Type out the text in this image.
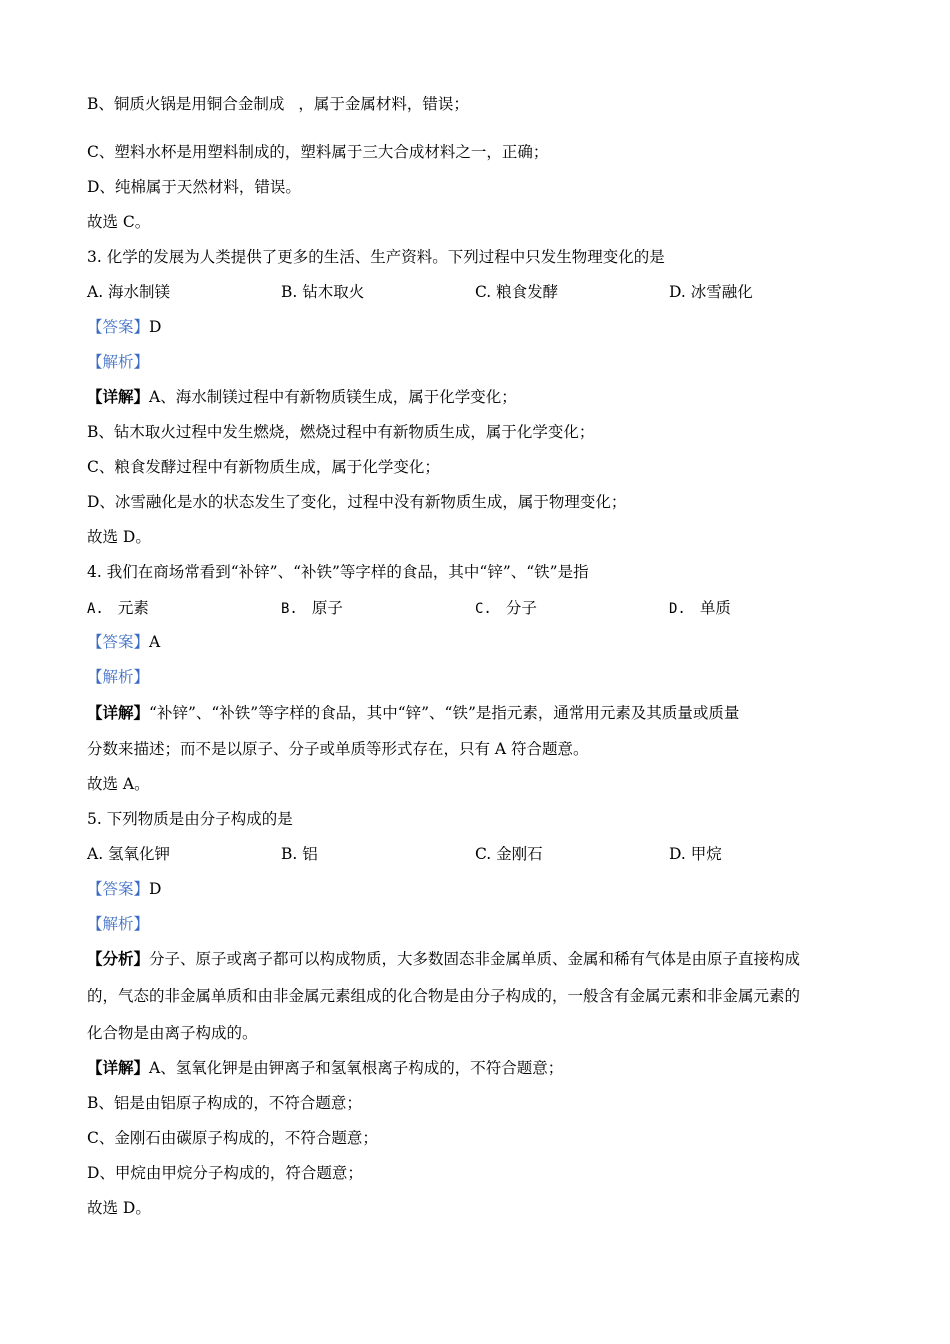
B、铜质火锅是用铜合金制成 ，属于金属材料，错误；
C、塑料水杯是用塑料制成的，塑料属于三大合成材料之一，正确；
D、纯棉属于天然材料，错误。
故选 C。
3. 化学的发展为人类提供了更多的生活、生产资料。下列过程中只发生物理变化的是
A. 海水制镁	B. 钻木取火	C. 粮食发酵	D. 冰雪融化
【答案】D
【解析】
【详解】A、海水制镁过程中有新物质镁生成，属于化学变化；
B、钻木取火过程中发生燃烧，燃烧过程中有新物质生成，属于化学变化；
C、粮食发酵过程中有新物质生成，属于化学变化；
D、冰雪融化是水的状态发生了变化，过程中没有新物质生成，属于物理变化；
故选 D。
4. 我们在商场常看到“补锌”、“补铁”等字样的食品，其中“锌”、“铁”是指
A. 元素	B. 原子	C. 分子	D. 单质
【答案】A
【解析】
【详解】“补锌”、“补铁”等字样的食品，其中“锌”、“铁”是指元素，通常用元素及其质量或质量
分数来描述；而不是以原子、分子或单质等形式存在，只有 A 符合题意。
故选 A。
5. 下列物质是由分子构成的是
A. 氢氧化钾	B. 铝	C. 金刚石	D. 甲烷
【答案】D
【解析】
【分析】分子、原子或离子都可以构成物质，大多数固态非金属单质、金属和稀有气体是由原子直接构成
的，气态的非金属单质和由非金属元素组成的化合物是由分子构成的，一般含有金属元素和非金属元素的
化合物是由离子构成的。
【详解】A、氢氧化钾是由钾离子和氢氧根离子构成的，不符合题意；
B、铝是由铝原子构成的，不符合题意；
C、金刚石由碳原子构成的，不符合题意；
D、甲烷由甲烷分子构成的，符合题意；
故选 D。
